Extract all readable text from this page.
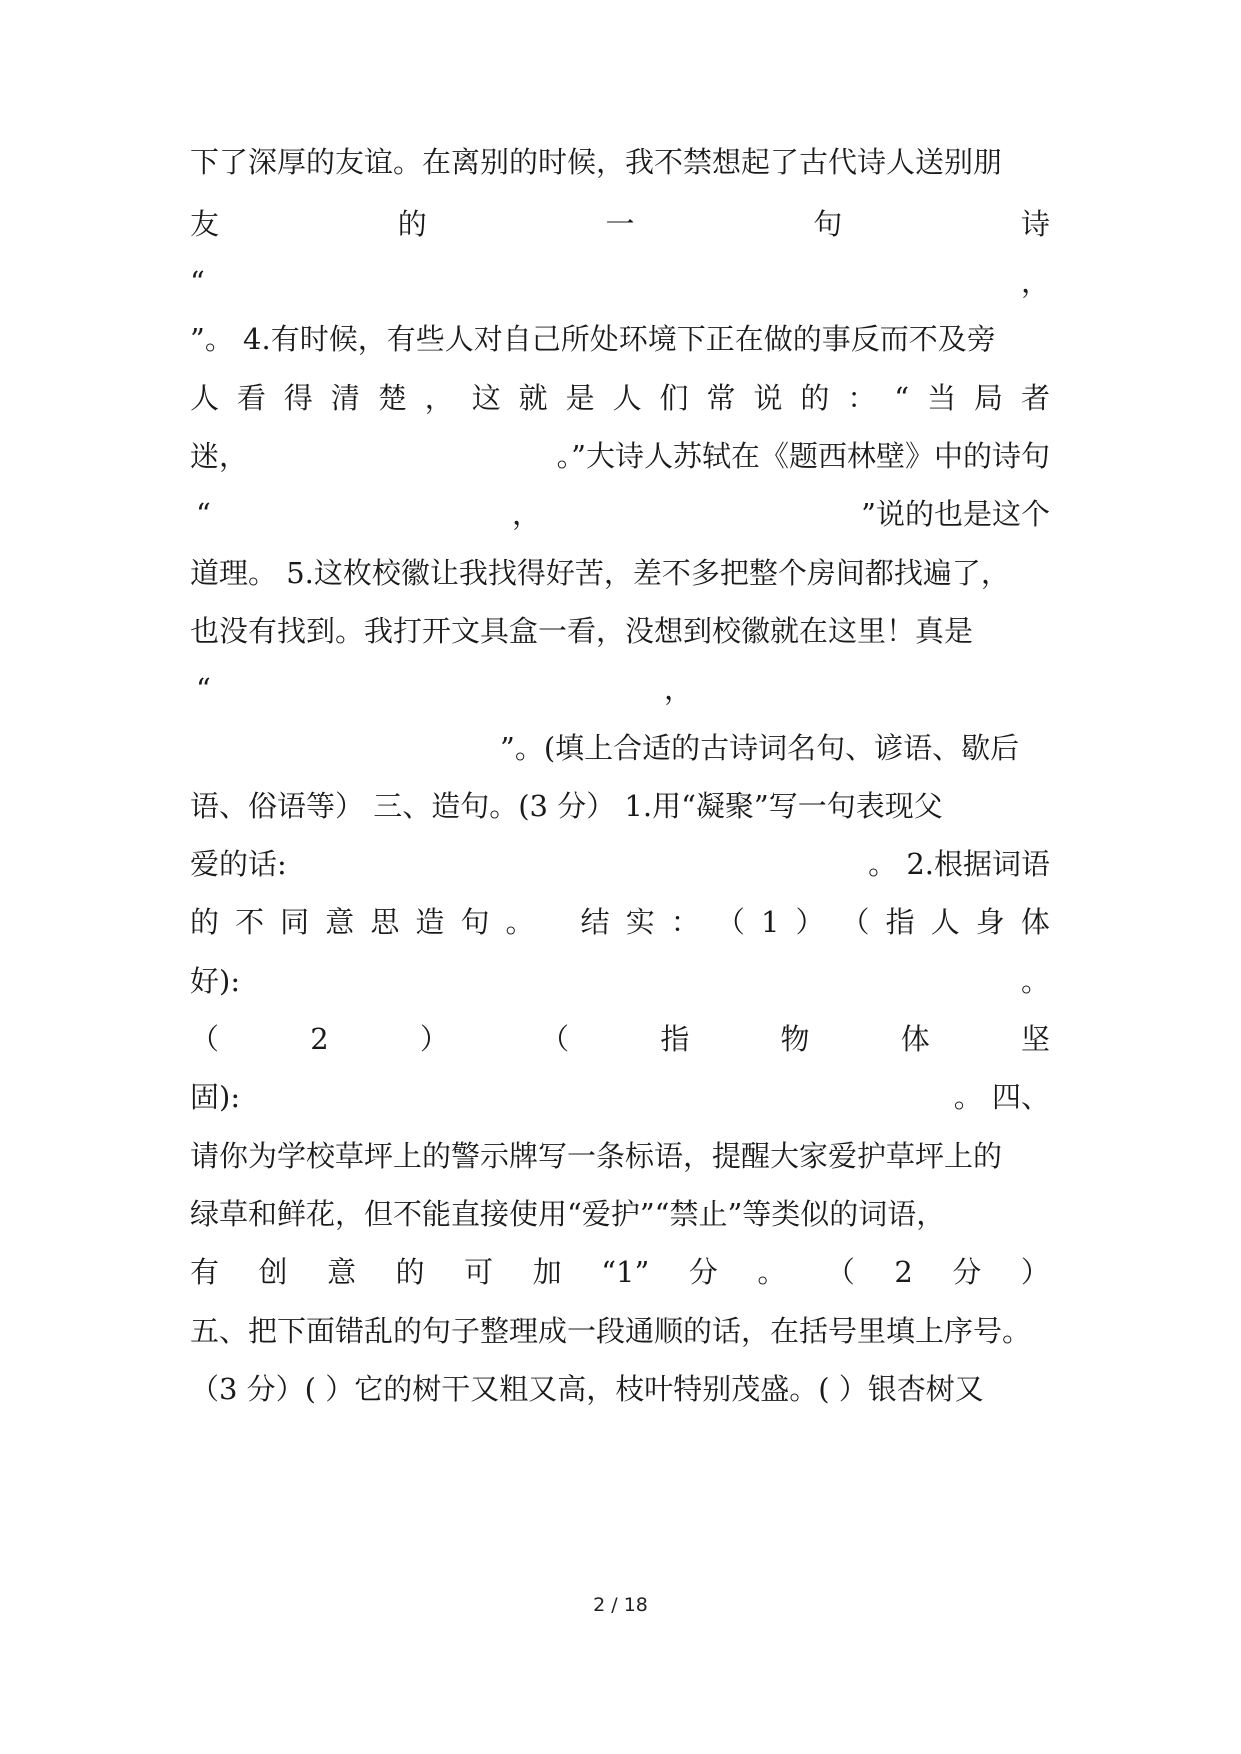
下了深厚的友谊。在离别的时候，我不禁想起了古代诗人送别朋
友	的	一	句	诗
“	，
”。 4.有时候，有些人对自己所处环境下正在做的事反而不及旁
人 看 得 清 楚 ， 这 就 是 人 们 常 说 的 ： “ 当 局 者
迷，	。”大诗人苏轼在《题西林壁》中的诗句
“	，	”说的也是这个
道理。 5.这枚校徽让我找得好苦，差不多把整个房间都找遍了，
也没有找到。我打开文具盒一看，没想到校徽就在这里！真是
“	，
”。(填上合适的古诗词名句、谚语、歇后
语、俗语等） 三、造句。(3 分） 1.用“凝聚”写一句表现父
爱的话:	。 2.根据词语
的 不 同 意 思 造 句 。 结 实 ： （ 1 ） （ 指 人 身 体
好):	。
（	2	）	（	指	物	体	坚
固):	。 四、
请你为学校草坪上的警示牌写一条标语，提醒大家爱护草坪上的
绿草和鲜花，但不能直接使用“爱护”“禁止”等类似的词语，
有 创 意 的 可 加 “1” 分 。 （ 2 分 ）
五、把下面错乱的句子整理成一段通顺的话，在括号里填上序号。
（3 分）( ）它的树干又粗又高，枝叶特别茂盛。( ）银杏树又
2 / 18
